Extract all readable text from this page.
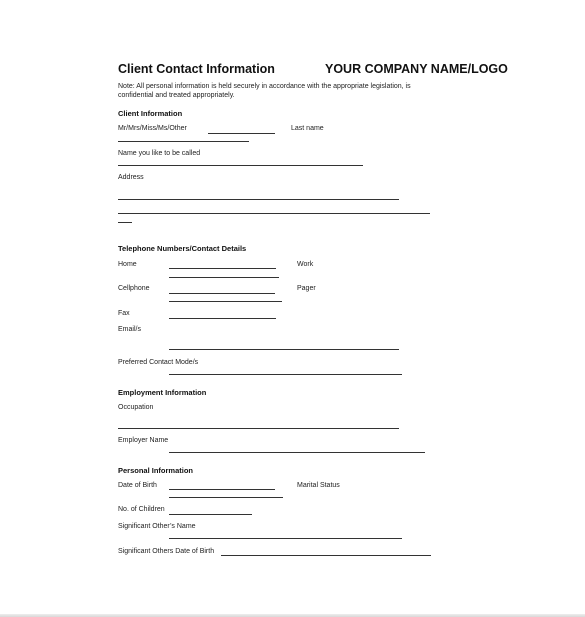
Client Contact Information	YOUR COMPANY NAME/LOGO
Note: All personal information is held securely in accordance with the appropriate legislation, is confidential and treated appropriately.
Client Information
Mr/Mrs/Miss/Ms/Other	Last name
Name you like to be called
Address
Telephone Numbers/Contact Details
Home	Work
Cellphone	Pager
Fax
Email/s
Preferred Contact Mode/s
Employment Information
Occupation
Employer Name
Personal Information
Date of Birth	Marital Status
No. of Children
Significant Other’s Name
Significant Others Date of Birth
